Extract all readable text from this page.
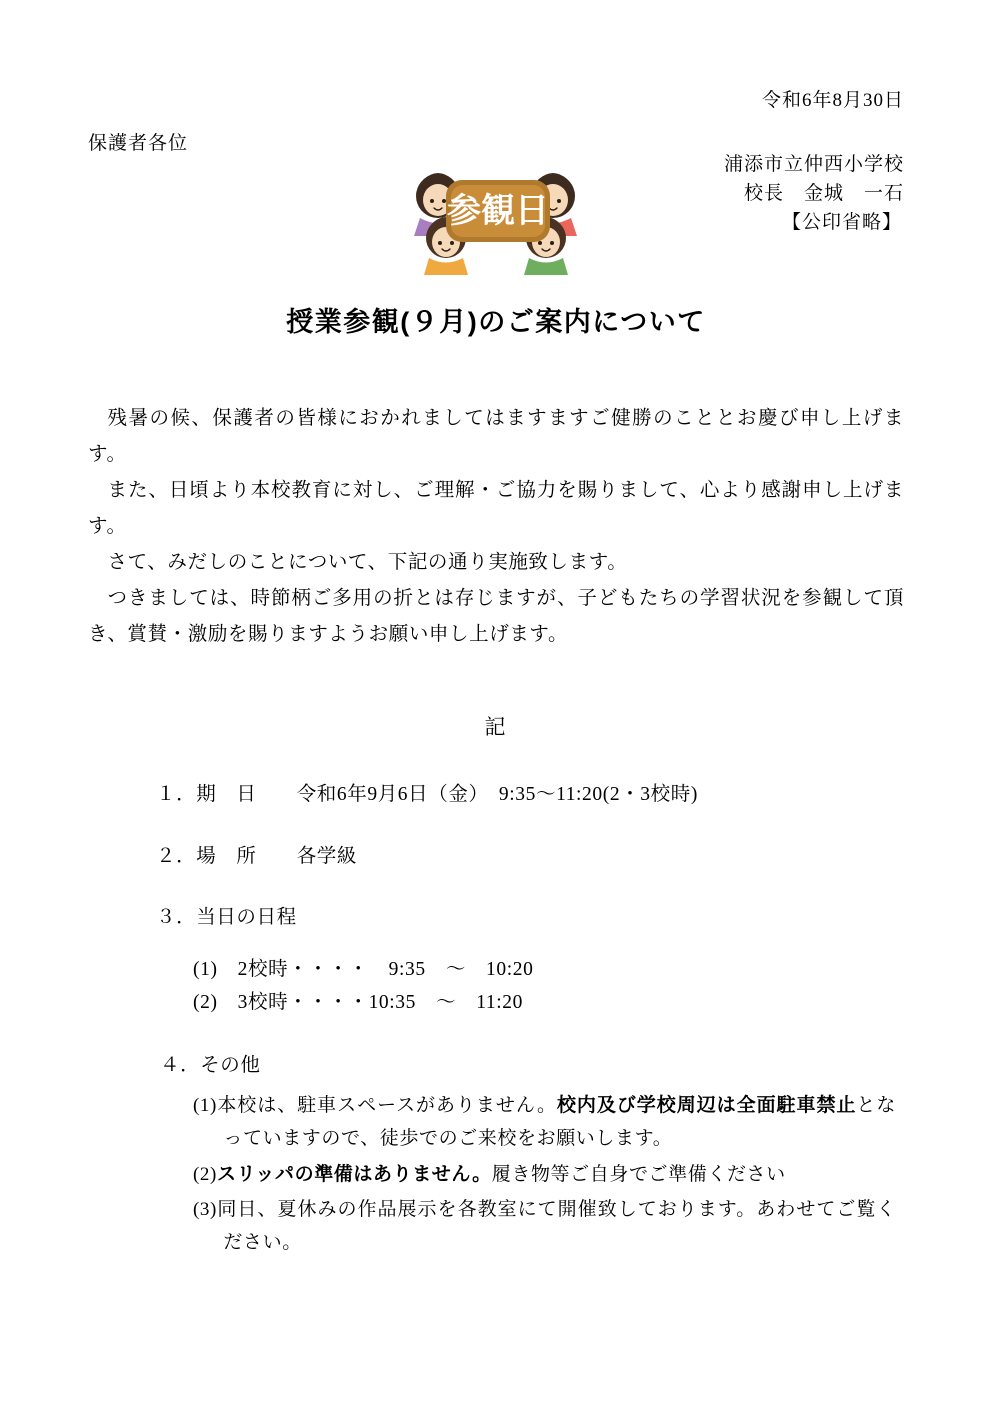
令和6年8月30日
保護者各位
浦添市立仲西小学校
校長　金城　一石
【公印省略】
参観日
授業参観(９月)のご案内について

残暑の候、保護者の皆様におかれましてはますますご健勝のこととお慶び申し上げます。

また、日頃より本校教育に対し、ご理解・ご協力を賜りまして、心より感謝申し上げます。

さて、みだしのことについて、下記の通り実施致します。

つきましては、時節柄ご多用の折とは存じますが、子どもたちの学習状況を参観して頂き、賞賛・激励を賜りますようお願い申し上げます。

記
１．期　日　　令和6年9月6日（金）　9:35〜11:20(2・3校時)
２．場　所　　各学級
３．当日の日程
(1)　2校時・・・・　9:35　〜　10:20
(2)　3校時・・・・10:35　〜　11:20
４．その他
(1)本校は、駐車スペースがありません。校内及び学校周辺は全面駐車禁止となっていますので、徒歩でのご来校をお願いします。
(2)スリッパの準備はありません。履き物等ご自身でご準備ください
(3)同日、夏休みの作品展示を各教室にて開催致しております。あわせてご覧ください。
